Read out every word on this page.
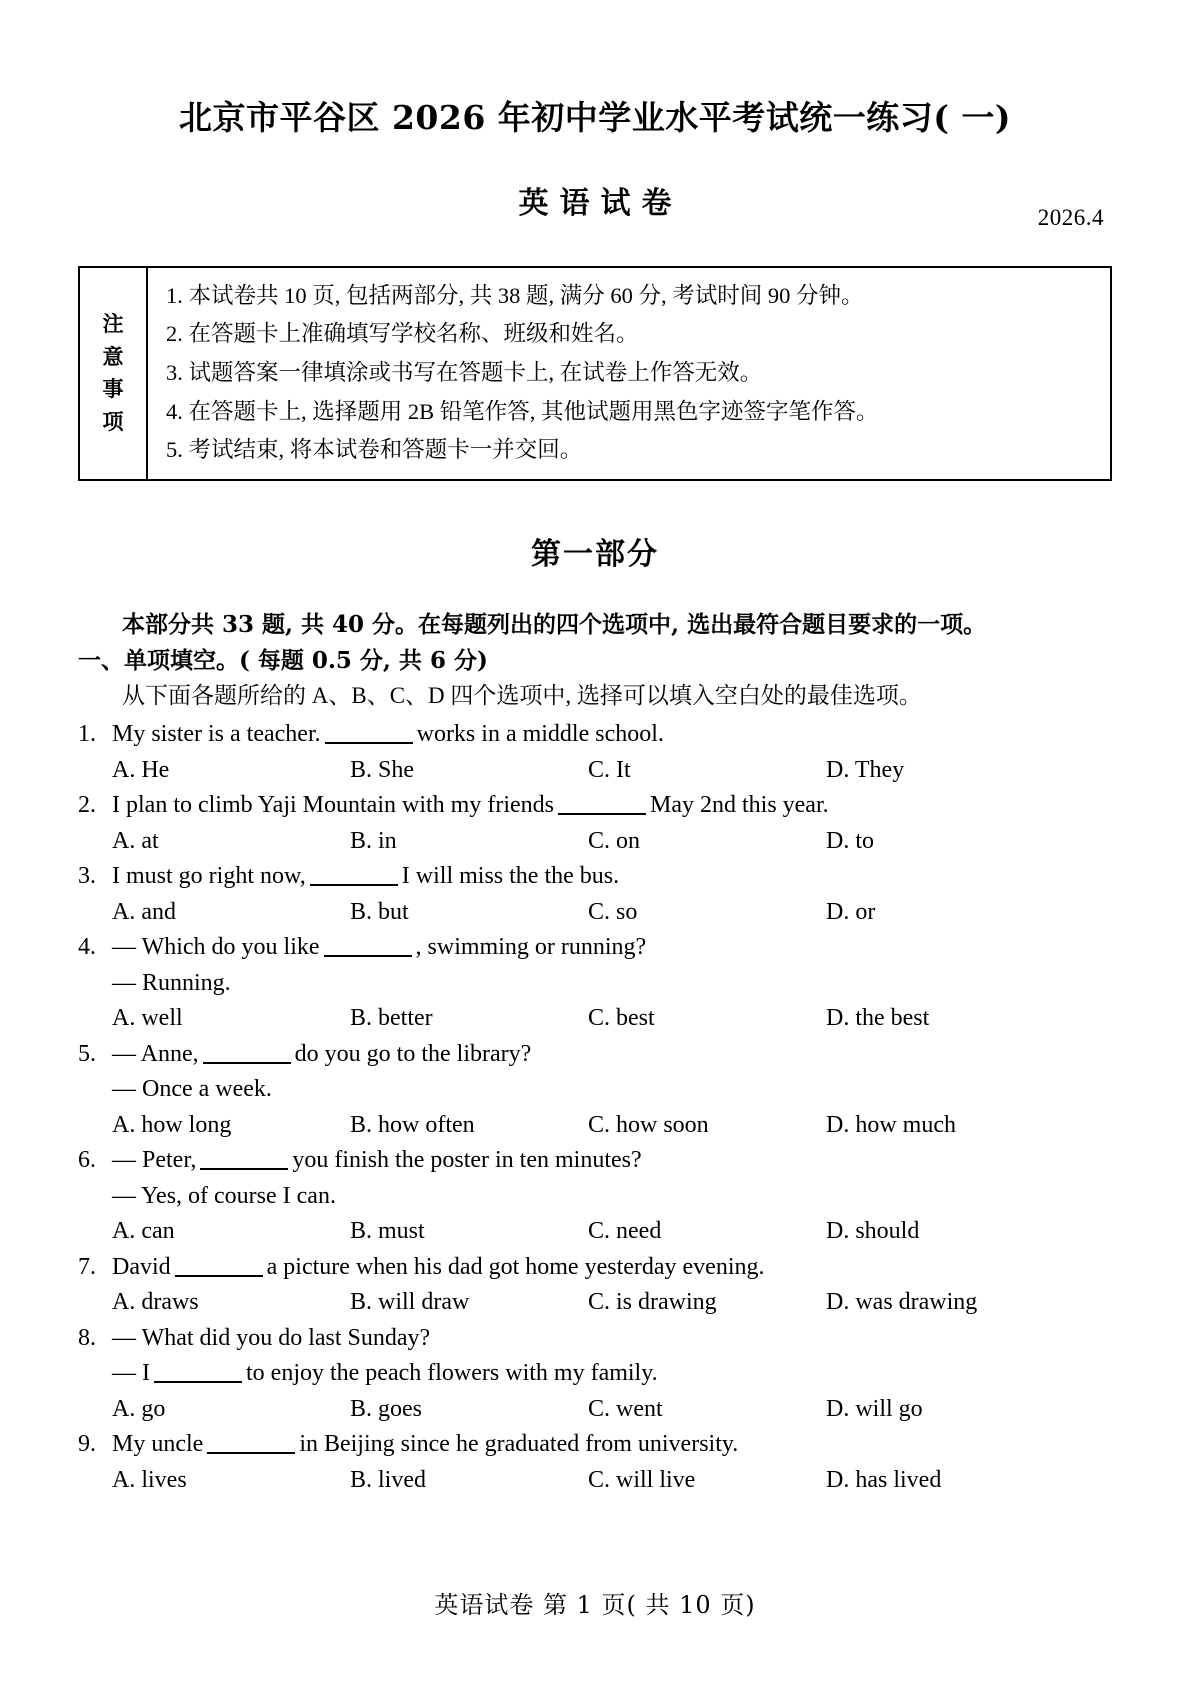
北京市平谷区 2026 年初中学业水平考试统一练习( 一)
英语试卷	2026.4
注
意
事
项
1. 本试卷共 10 页, 包括两部分, 共 38 题, 满分 60 分, 考试时间 90 分钟。
2. 在答题卡上准确填写学校名称、班级和姓名。
3. 试题答案一律填涂或书写在答题卡上, 在试卷上作答无效。
4. 在答题卡上, 选择题用 2B 铅笔作答, 其他试题用黑色字迹签字笔作答。
5. 考试结束, 将本试卷和答题卡一并交回。
第一部分
本部分共 33 题, 共 40 分。在每题列出的四个选项中, 选出最符合题目要求的一项。
一、单项填空。( 每题 0.5 分, 共 6 分)
从下面各题所给的 A、B、C、D 四个选项中, 选择可以填入空白处的最佳选项。
1. My sister is a teacher.	works in a middle school.
A. He	B. She	C. It	D. They
2. I plan to climb Yaji Mountain with my friends	May 2nd this year.
A. at	B. in	C. on	D. to
3. I must go right now,	I will miss the the bus.
A. and	B. but	C. so	D. or
4. — Which do you like	, swimming or running?
— Running.
A. well	B. better	C. best	D. the best
5. — Anne,	do you go to the library?
— Once a week.
A. how long	B. how often	C. how soon	D. how much
6. — Peter,	you finish the poster in ten minutes?
— Yes, of course I can.
A. can	B. must	C. need	D. should
7. David	a picture when his dad got home yesterday evening.
A. draws	B. will draw	C. is drawing	D. was drawing
8. — What did you do last Sunday?
— I	to enjoy the peach flowers with my family.
A. go	B. goes	C. went	D. will go
9. My uncle	in Beijing since he graduated from university.
A. lives	B. lived	C. will live	D. has lived
英语试卷 第 1 页( 共 10 页)
